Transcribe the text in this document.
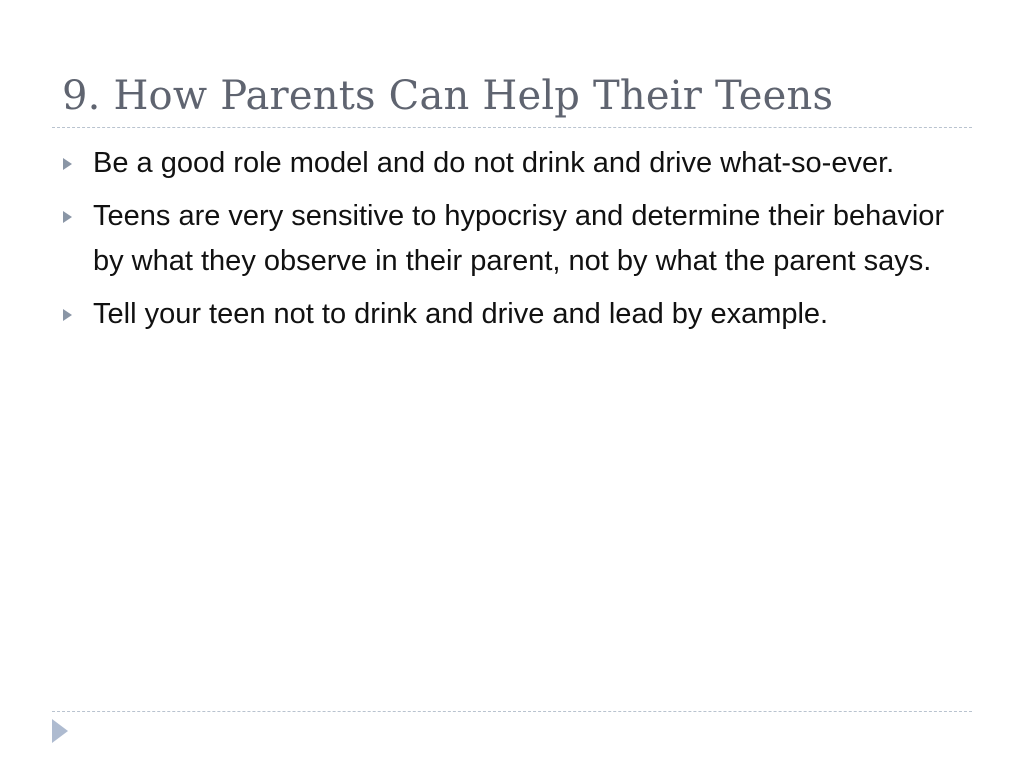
9. How Parents Can Help Their Teens
Be a good role model and do not drink and drive what-so-ever.
Teens are very sensitive to hypocrisy and determine their behavior by what they observe in their parent, not by what the parent says.
Tell your teen not to drink and drive and lead by example.
